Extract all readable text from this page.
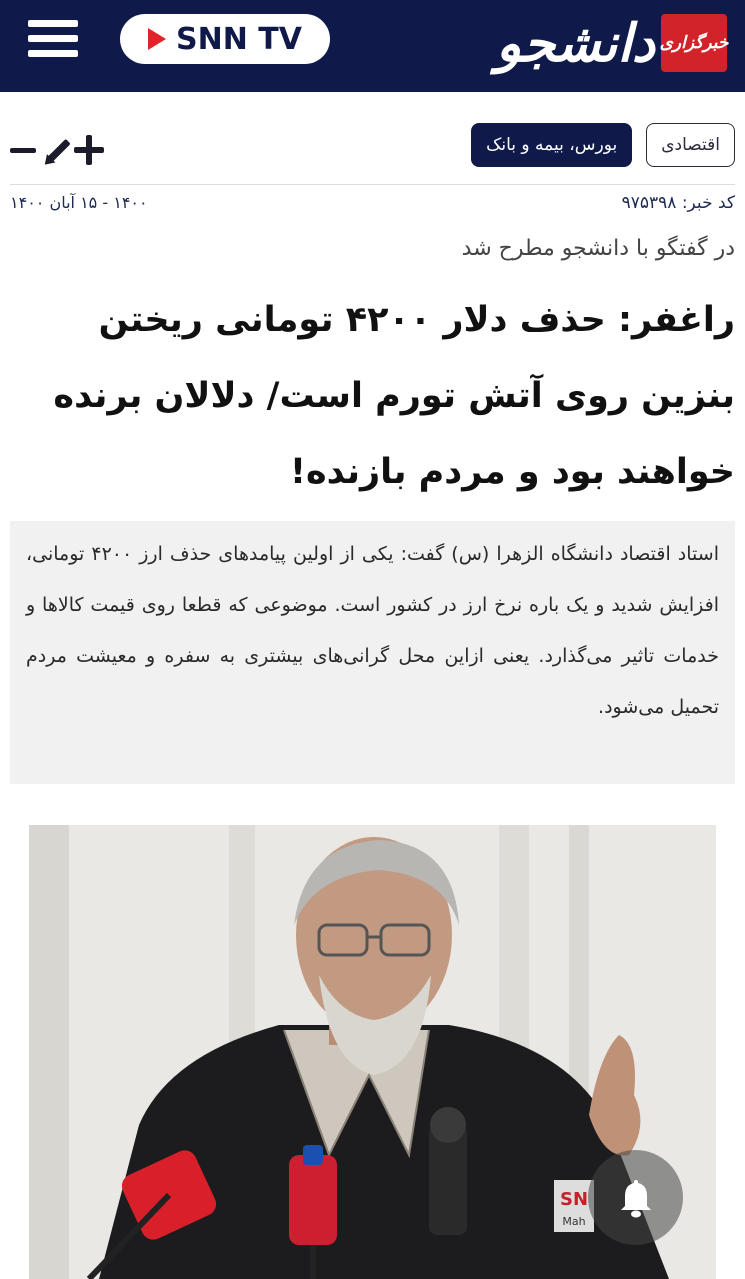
SNN TV	دانشجو خبرگزاری
اقتصادی
بورس، بیمه و بانک
کد خبر: ۹۷۵۳۹۸
۱۴۰۰ - ۱۵ آبان ۱۴۰۰
در گفتگو با دانشجو مطرح شد
راغفر: حذف دلار ۴۲۰۰ تومانی ریختن بنزین روی آتش تورم است/ دلالان برنده خواهند بود و مردم بازنده!
استاد اقتصاد دانشگاه الزهرا (س) گفت: یکی از اولین پیامدهای حذف ارز ۴۲۰۰ تومانی، افزایش شدید و یک باره نرخ ارز در کشور است. موضوعی که قطعا روی قیمت کالاها و خدمات تاثیر می‌گذارد. یعنی ازاین محل گرانی‌های بیشتری به سفره و معیشت مردم تحمیل می‌شود.
SN
Mah
